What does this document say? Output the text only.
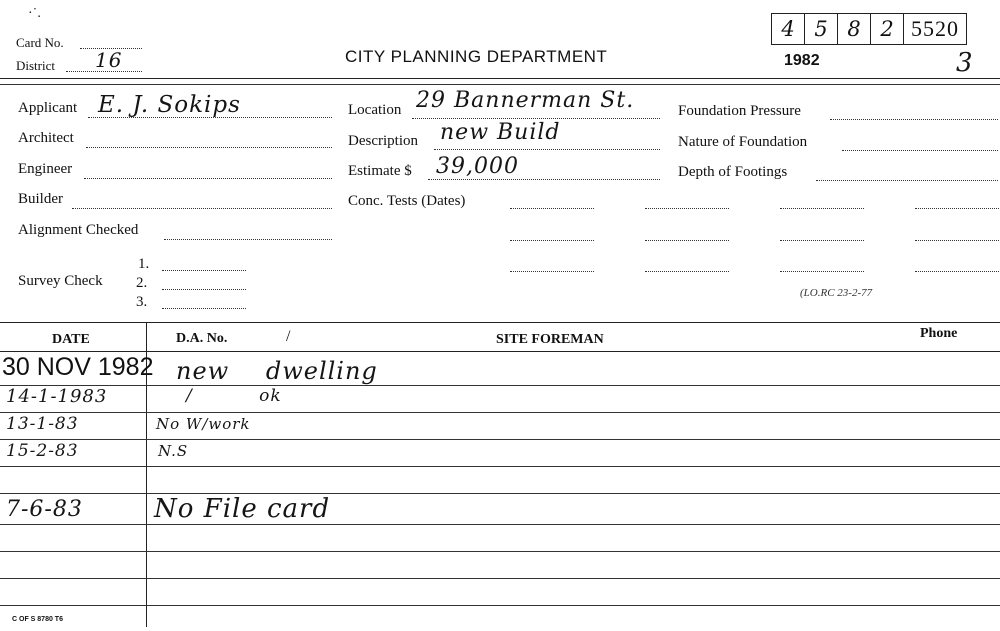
·˙.
Card No.
District 16	CITY PLANNING DEPARTMENT
4 5 8 2 5520
1982	3
Applicant E. J. Sokips
Architect
Engineer
Builder
Alignment Checked
Survey Check
1.
2.
3.
Location 29 Bannerman St.
Description new Build
Estimate $ 39,000
Conc. Tests (Dates)
Foundation Pressure
Nature of Foundation
Depth of Footings
(LO.RC 23-2-77
DATE	D.A. No.	/	SITE FOREMAN	Phone
30 NOV 1982 new dwelling
14-1-1983	/ ok
13-1-83	No W/work
15-2-83	N.S
7-6-83	No File card
C OF S 8780 T6
